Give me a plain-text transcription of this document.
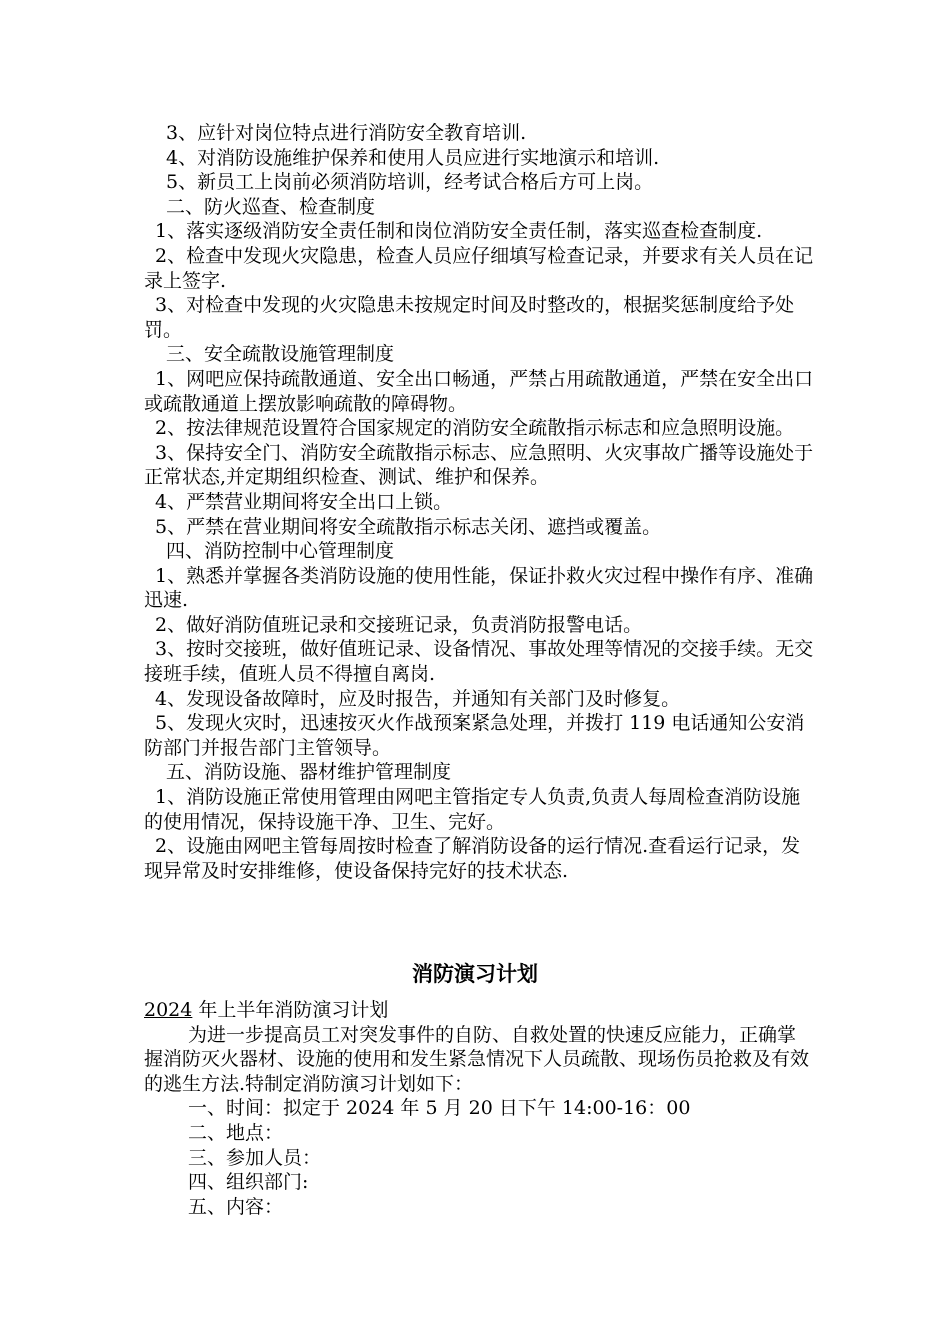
3、应针对岗位特点进行消防安全教育培训.

4、对消防设施维护保养和使用人员应进行实地演示和培训.

5、新员工上岗前必须消防培训，经考试合格后方可上岗。

二、防火巡查、检查制度

1、落实逐级消防安全责任制和岗位消防安全责任制，落实巡查检查制度.

2、检查中发现火灾隐患，检查人员应仔细填写检查记录，并要求有关人员在记录上签字.

3、对检查中发现的火灾隐患未按规定时间及时整改的，根据奖惩制度给予处罚。

三、安全疏散设施管理制度

1、网吧应保持疏散通道、安全出口畅通，严禁占用疏散通道，严禁在安全出口 或疏散通道上摆放影响疏散的障碍物。

2、按法律规范设置符合国家规定的消防安全疏散指示标志和应急照明设施。

3、保持安全门、消防安全疏散指示标志、应急照明、火灾事故广播等设施处于正常状态,并定期组织检查、测试、维护和保养。

4、严禁营业期间将安全出口上锁。

5、严禁在营业期间将安全疏散指示标志关闭、遮挡或覆盖。

四、消防控制中心管理制度

1、熟悉并掌握各类消防设施的使用性能，保证扑救火灾过程中操作有序、准确迅速.

2、做好消防值班记录和交接班记录，负责消防报警电话。

3、按时交接班，做好值班记录、设备情况、事故处理等情况的交接手续。无交接班手续，值班人员不得擅自离岗.

4、发现设备故障时，应及时报告，并通知有关部门及时修复。

5、发现火灾时，迅速按灭火作战预案紧急处理，并拨打 119 电话通知公安消防部门并报告部门主管领导。

五、消防设施、器材维护管理制度

1、消防设施正常使用管理由网吧主管指定专人负责,负责人每周检查消防设施的使用情况，保持设施干净、卫生、完好。

2、设施由网吧主管每周按时检查了解消防设备的运行情况.查看运行记录，发现异常及时安排维修，使设备保持完好的技术状态.

消防演习计划

2024 年上半年消防演习计划

为进一步提高员工对突发事件的自防、自救处置的快速反应能力，正确掌握消防灭火器材、设施的使用和发生紧急情况下人员疏散、现场伤员抢救及有效的逃生方法.特制定消防演习计划如下：

一、时间：拟定于 2024 年 5 月 20 日下午 14:00-16：00

二、地点：

三、参加人员：

四、组织部门:

五、内容：
